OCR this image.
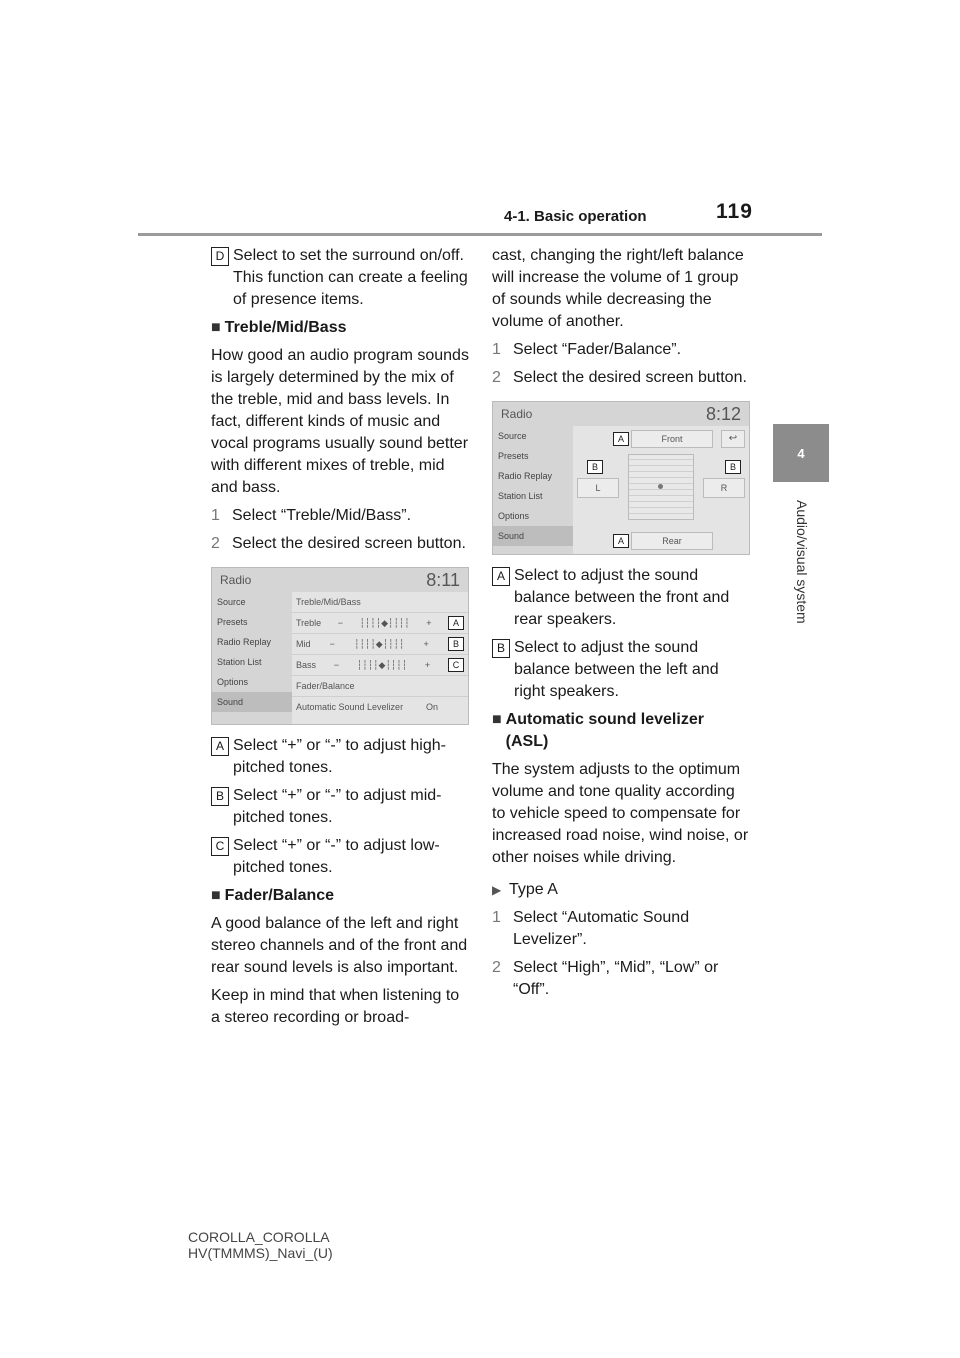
4-1. Basic operation	119
4
Audio/visual system
D Select to set the surround on/off.

This function can create a feeling of presence items.

■ Treble/Mid/Bass

How good an audio program sounds is largely determined by the mix of the treble, mid and bass levels. In fact, different kinds of music and vocal programs usually sound better with different mixes of treble, mid and bass.

1 Select “Treble/Mid/Bass”.
2 Select the desired screen button.
Radio	8:11
Source
Presets
Radio Replay
Station List
Options
Sound
Treble/Mid/Bass
Treble − ┆┆┆┆◆┆┆┆┆ +	A
Mid − ┆┆┆┆◆┆┆┆┆ +	B
Bass − ┆┆┆┆◆┆┆┆┆ +	C
Fader/Balance
Automatic Sound Levelizer	On
A Select “+” or “-” to adjust high-pitched tones.

B Select “+” or “-” to adjust mid-pitched tones.

C Select “+” or “-” to adjust low-pitched tones.

■ Fader/Balance

A good balance of the left and right stereo channels and of the front and rear sound levels is also important.

Keep in mind that when listening to a stereo recording or broad-

cast, changing the right/left balance will increase the volume of 1 group of sounds while decreasing the volume of another.

1 Select “Fader/Balance”.
2 Select the desired screen button.
Radio	8:12
Source
Presets
Radio Replay
Station List
Options
Sound
A	Front	↩
B
L
B
R
A	Rear
A Select to adjust the sound balance between the front and rear speakers.

B Select to adjust the sound balance between the left and right speakers.

■ Automatic sound levelizer (ASL)

The system adjusts to the optimum volume and tone quality according to vehicle speed to compensate for increased road noise, wind noise, or other noises while driving.

▶ Type A
1 Select “Automatic Sound Levelizer”.
2 Select “High”, “Mid”, “Low” or “Off”.
COROLLA_COROLLA
HV(TMMMS)_Navi_(U)
